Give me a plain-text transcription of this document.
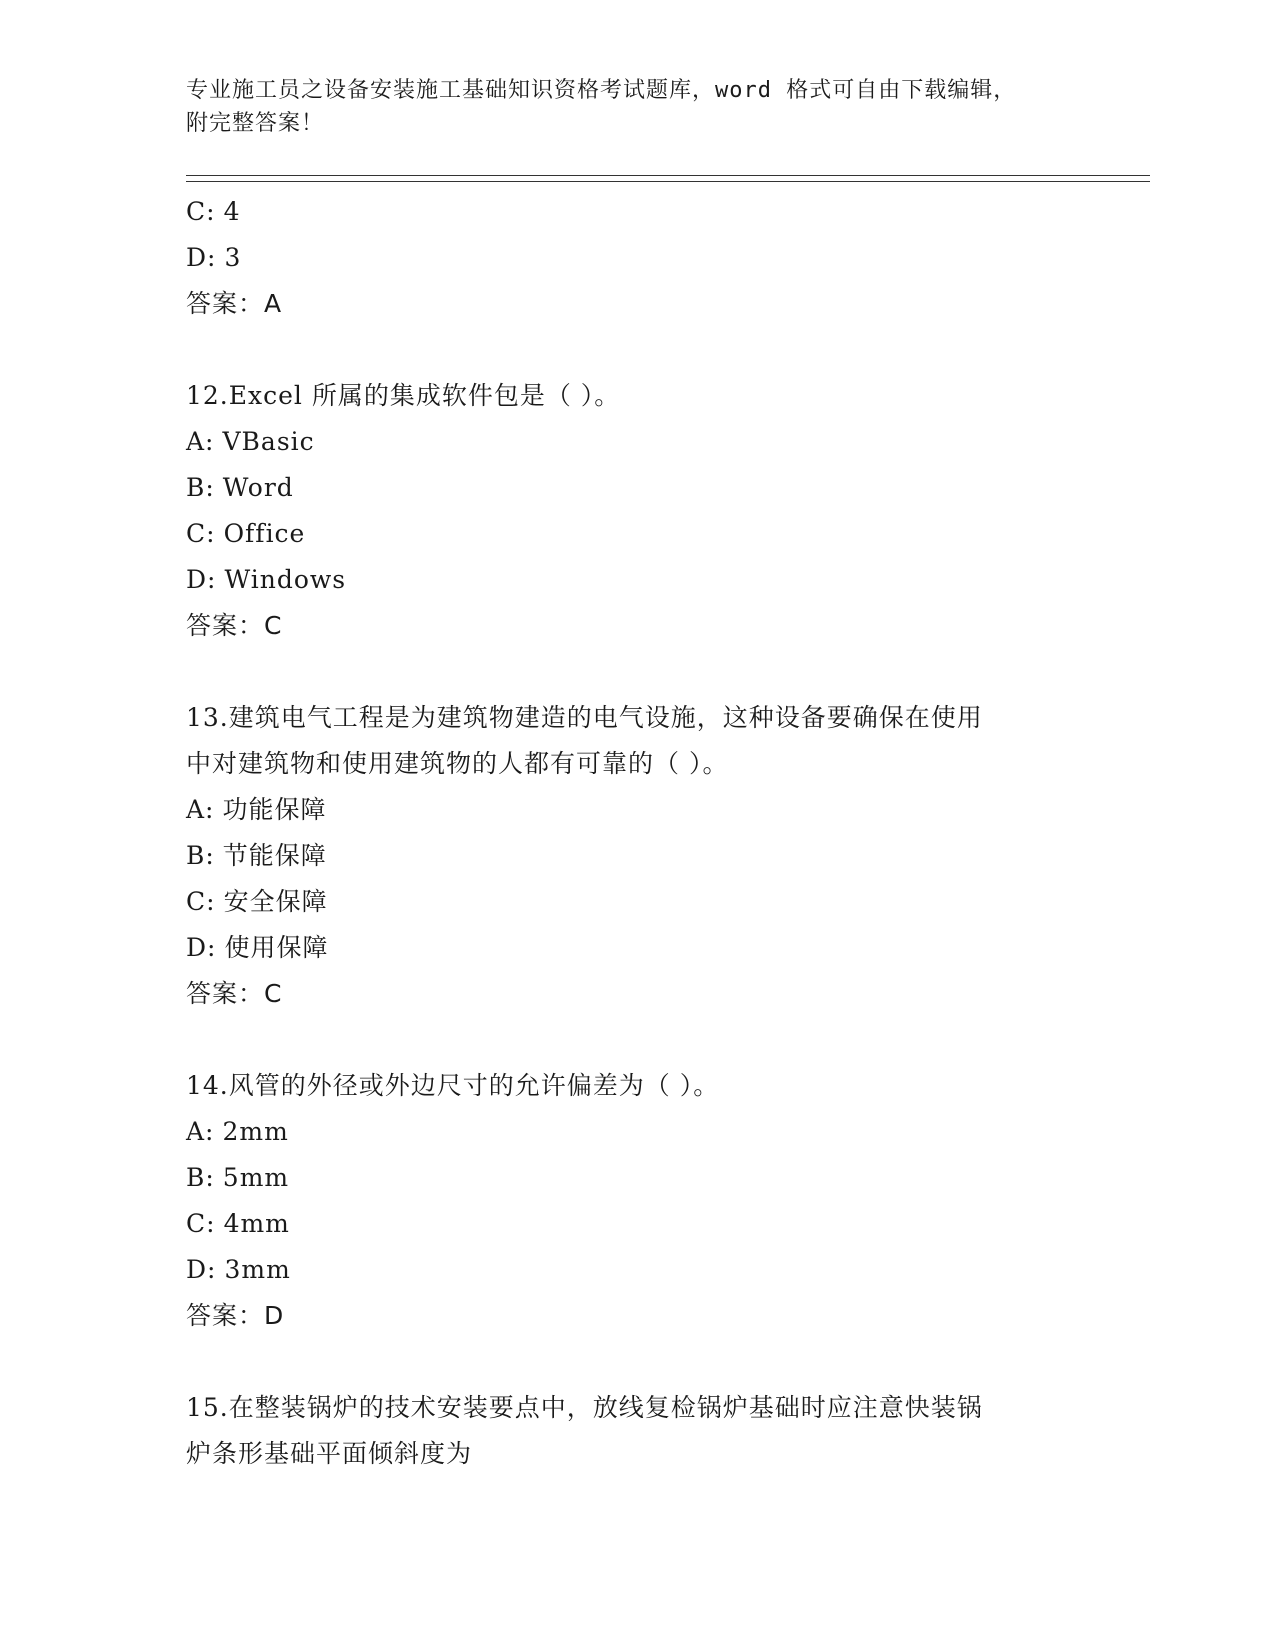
专业施工员之设备安装施工基础知识资格考试题库，word 格式可自由下载编辑，
附完整答案！
C: 4
D: 3
答案：A
12.Excel 所属的集成软件包是（ ）。
A: VBasic
B: Word
C: Office
D: Windows
答案：C
13.建筑电气工程是为建筑物建造的电气设施，这种设备要确保在使用
中对建筑物和使用建筑物的人都有可靠的（ ）。
A: 功能保障
B: 节能保障
C: 安全保障
D: 使用保障
答案：C
14.风管的外径或外边尺寸的允许偏差为（ ）。
A: 2mm
B: 5mm
C: 4mm
D: 3mm
答案：D
15.在整装锅炉的技术安装要点中，放线复检锅炉基础时应注意快装锅
炉条形基础平面倾斜度为
